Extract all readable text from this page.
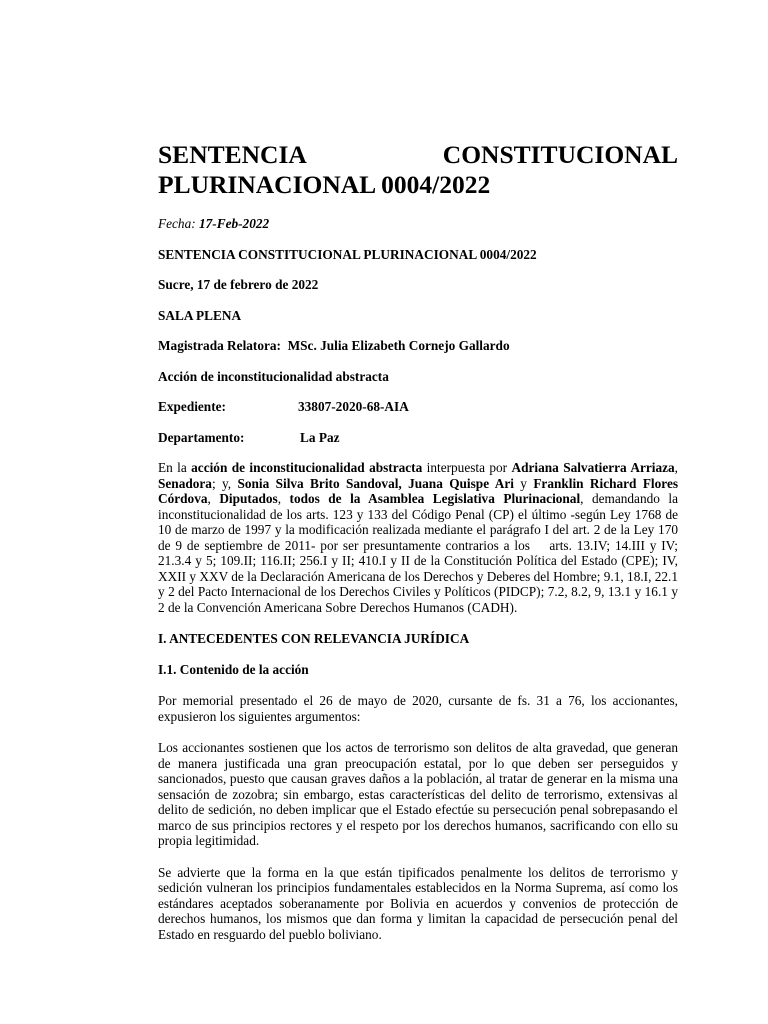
SENTENCIA CONSTITUCIONAL
PLURINACIONAL 0004/2022

Fecha: 17-Feb-2022

SENTENCIA CONSTITUCIONAL PLURINACIONAL 0004/2022

Sucre, 17 de febrero de 2022

SALA PLENA

Magistrada Relatora:  MSc. Julia Elizabeth Cornejo Gallardo

Acción de inconstitucionalidad abstracta

Expediente:	33807-2020-68-AIA

Departamento:	La Paz

En la acción de inconstitucionalidad abstracta interpuesta por Adriana Salvatierra Arriaza, Senadora; y, Sonia Silva Brito Sandoval, Juana Quispe Ari y Franklin Richard Flores Córdova, Diputados, todos de la Asamblea Legislativa Plurinacional, demandando la inconstitucionalidad de los arts. 123 y 133 del Código Penal (CP) el último -según Ley 1768 de 10 de marzo de 1997 y la modificación realizada mediante el parágrafo I del art. 2 de la Ley 170 de 9 de septiembre de 2011- por ser presuntamente contrarios a los    arts. 13.IV; 14.III y IV; 21.3.4 y 5; 109.II; 116.II; 256.I y II; 410.I y II de la Constitución Política del Estado (CPE); IV, XXII y XXV de la Declaración Americana de los Derechos y Deberes del Hombre; 9.1, 18.I, 22.1 y 2 del Pacto Internacional de los Derechos Civiles y Políticos (PIDCP); 7.2, 8.2, 9, 13.1 y 16.1 y 2 de la Convención Americana Sobre Derechos Humanos (CADH).

I. ANTECEDENTES CON RELEVANCIA JURÍDICA

I.1. Contenido de la acción

Por memorial presentado el 26 de mayo de 2020, cursante de fs. 31 a 76, los accionantes, expusieron los siguientes argumentos:

Los accionantes sostienen que los actos de terrorismo son delitos de alta gravedad, que generan de manera justificada una gran preocupación estatal, por lo que deben ser perseguidos y sancionados, puesto que causan graves daños a la población, al tratar de generar en la misma una sensación de zozobra; sin embargo, estas características del delito de terrorismo, extensivas al delito de sedición, no deben implicar que el Estado efectúe su persecución penal sobrepasando el marco de sus principios rectores y el respeto por los derechos humanos, sacrificando con ello su propia legitimidad.

Se advierte que la forma en la que están tipificados penalmente los delitos de terrorismo y sedición vulneran los principios fundamentales establecidos en la Norma Suprema, así como los estándares aceptados soberanamente por Bolivia en acuerdos y convenios de protección de derechos humanos, los mismos que dan forma y limitan la capacidad de persecución penal del Estado en resguardo del pueblo boliviano.
